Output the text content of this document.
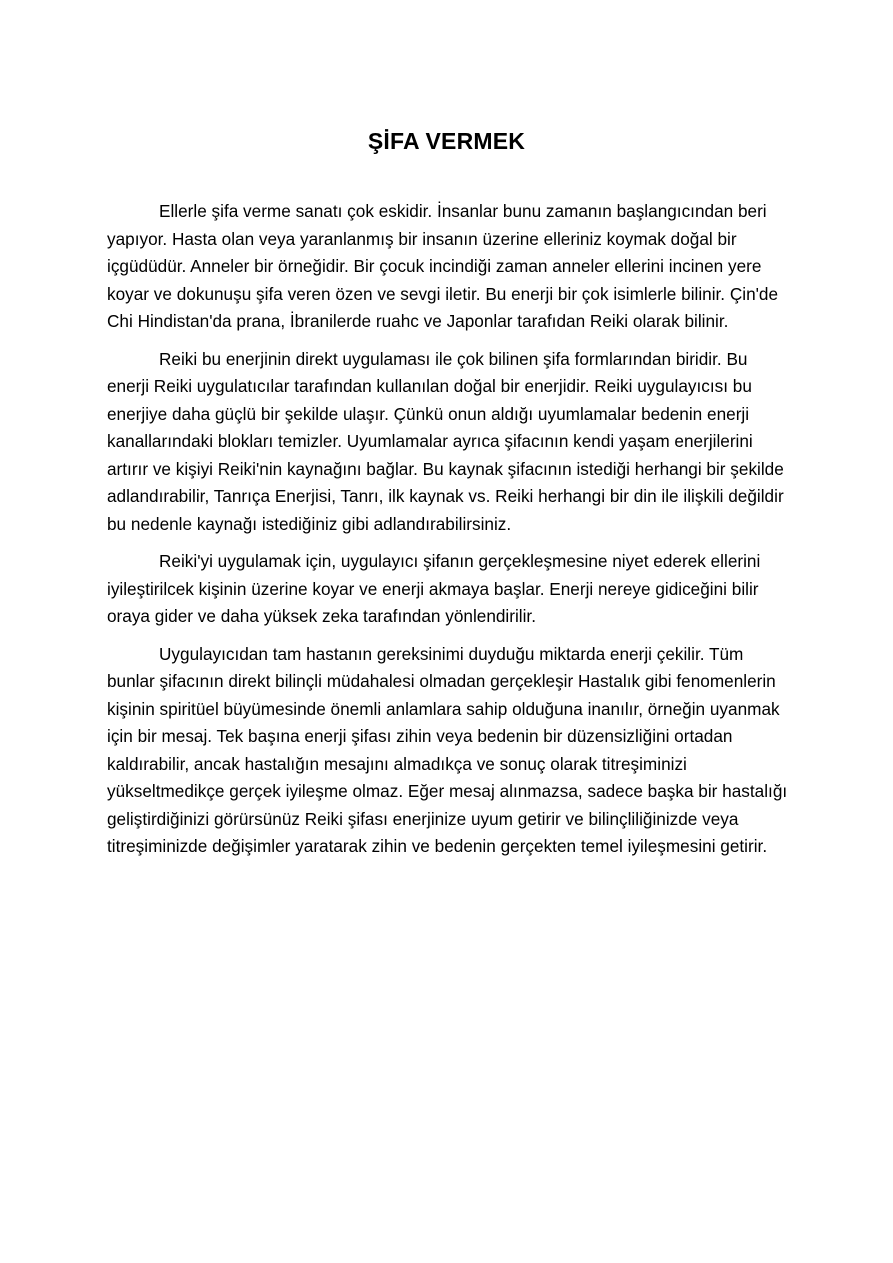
ŞİFA VERMEK

Ellerle şifa verme sanatı çok eskidir. İnsanlar bunu zamanın başlangıcından beri yapıyor. Hasta olan veya yaranlanmış bir insanın üzerine elleriniz koymak doğal bir içgüdüdür. Anneler bir örneğidir. Bir çocuk incindiği zaman anneler ellerini incinen yere koyar ve dokunuşu şifa veren özen ve sevgi iletir. Bu enerji bir çok isimlerle bilinir. Çin'de Chi Hindistan'da prana, İbranilerde ruahc ve Japonlar tarafıdan Reiki olarak bilinir.

Reiki bu enerjinin direkt uygulaması ile çok bilinen şifa formlarından biridir. Bu enerji Reiki uygulatıcılar tarafından kullanılan doğal bir enerjidir. Reiki uygulayıcısı bu enerjiye daha güçlü bir şekilde ulaşır. Çünkü onun aldığı uyumlamalar bedenin enerji kanallarındaki blokları temizler. Uyumlamalar ayrıca şifacının kendi yaşam enerjilerini artırır ve kişiyi Reiki'nin kaynağını bağlar. Bu kaynak şifacının istediği herhangi bir şekilde adlandırabilir, Tanrıça Enerjisi, Tanrı, ilk kaynak vs. Reiki herhangi bir din ile ilişkili değildir bu nedenle kaynağı istediğiniz gibi adlandırabilirsiniz.

Reiki'yi uygulamak için, uygulayıcı şifanın gerçekleşmesine niyet ederek ellerini iyileştirilcek kişinin üzerine koyar ve enerji akmaya başlar. Enerji nereye gidiceğini bilir oraya gider ve daha yüksek zeka tarafından yönlendirilir.

Uygulayıcıdan tam hastanın gereksinimi duyduğu miktarda enerji çekilir. Tüm bunlar şifacının direkt bilinçli müdahalesi olmadan gerçekleşir Hastalık gibi fenomenlerin kişinin spiritüel büyümesinde önemli anlamlara sahip olduğuna inanılır, örneğin uyanmak için bir mesaj. Tek başına enerji şifası zihin veya bedenin bir düzensizliğini ortadan kaldırabilir, ancak hastalığın mesajını almadıkça ve sonuç olarak titreşiminizi yükseltmedikçe gerçek iyileşme olmaz. Eğer mesaj alınmazsa, sadece başka bir hastalığı geliştirdiğinizi görürsünüz Reiki şifası enerjinize uyum getirir ve bilinçliliğinizde veya titreşiminizde değişimler yaratarak zihin ve bedenin gerçekten temel iyileşmesini getirir.
